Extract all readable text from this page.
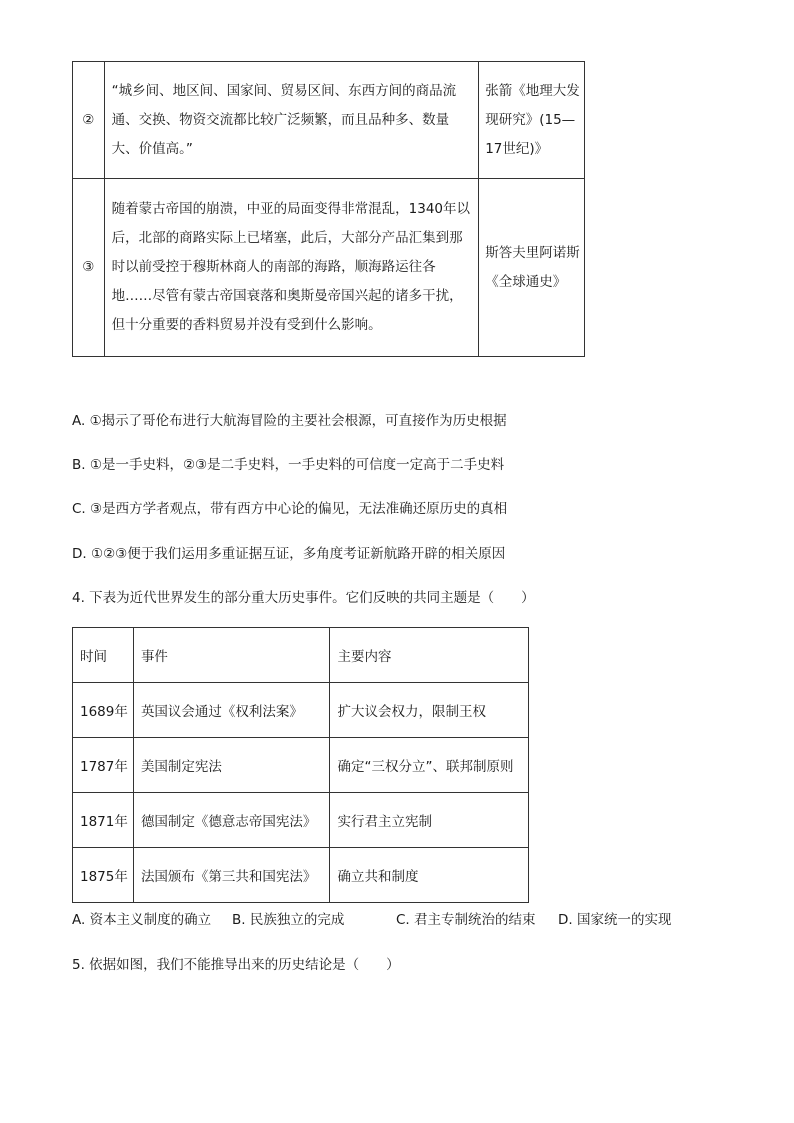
②	“城乡间、地区间、国家间、贸易区间、东西方间的商品流通、交换、物资交流都比较广泛频繁，而且品种多、数量大、价值高。”	张箭《地理大发现研究》(15—17世纪)》
③	随着蒙古帝国的崩溃，中亚的局面变得非常混乱，1340年以后，北部的商路实际上已堵塞，此后，大部分产品汇集到那时以前受控于穆斯林商人的南部的海路，顺海路运往各地……尽管有蒙古帝国衰落和奥斯曼帝国兴起的诸多干扰，但十分重要的香料贸易并没有受到什么影响。	斯答夫里阿诺斯《全球通史》
A. ①揭示了哥伦布进行大航海冒险的主要社会根源，可直接作为历史根据
B. ①是一手史料，②③是二手史料，一手史料的可信度一定高于二手史料
C. ③是西方学者观点，带有西方中心论的偏见，无法准确还原历史的真相
D. ①②③便于我们运用多重证据互证，多角度考证新航路开辟的相关原因
4. 下表为近代世界发生的部分重大历史事件。它们反映的共同主题是（　　）
时间	事件	主要内容
1689年	英国议会通过《权利法案》	扩大议会权力，限制王权
1787年	美国制定宪法	确定“三权分立”、联邦制原则
1871年	德国制定《德意志帝国宪法》	实行君主立宪制
1875年	法国颁布《第三共和国宪法》	确立共和制度
A. 资本主义制度的确立 B. 民族独立的完成	C. 君主专制统治的结束 D. 国家统一的实现
5. 依据如图，我们不能推导出来的历史结论是（　　）
